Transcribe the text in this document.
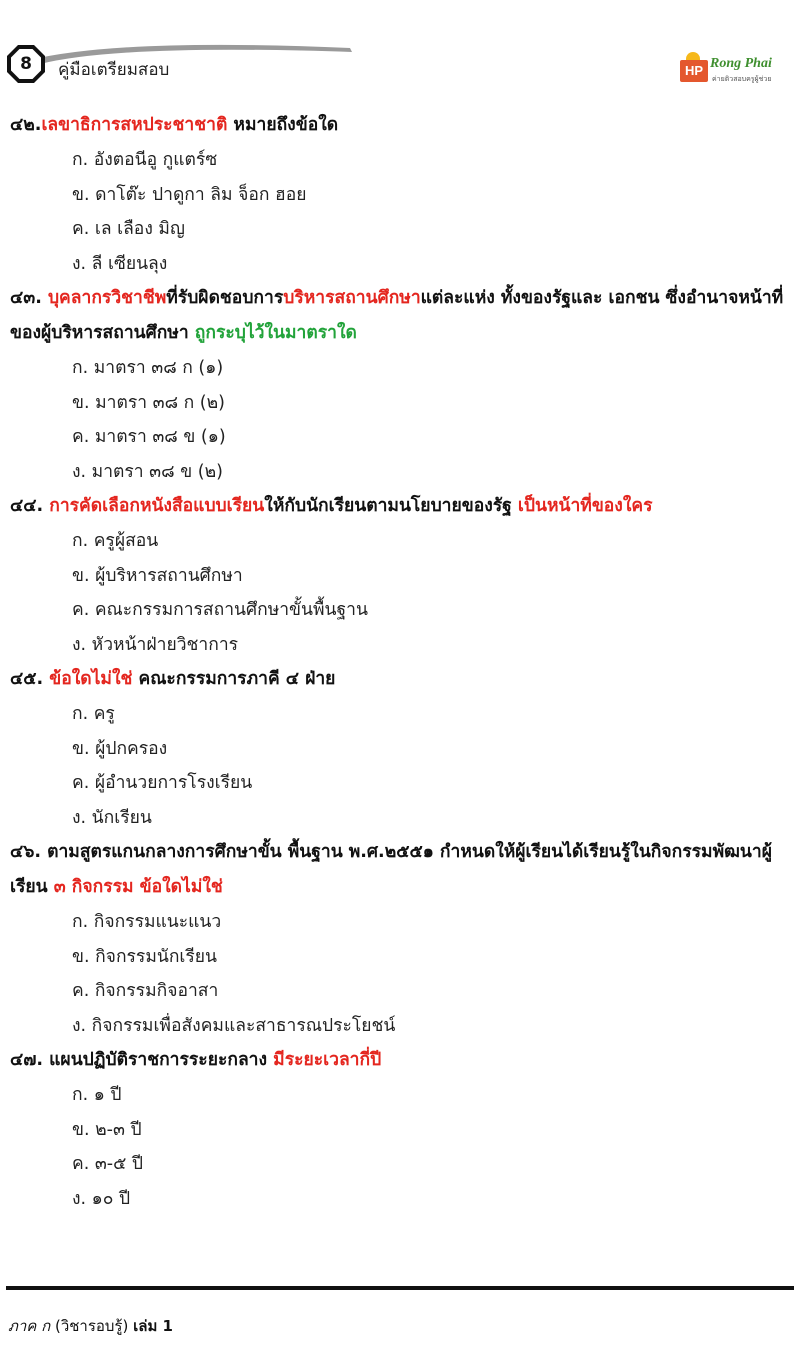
8	คู่มือเตรียมสอบ	HP Rong Phai
ค่ายติวสอบครูผู้ช่วย
๔๒.เลขาธิการสหประชาชาติ หมายถึงข้อใด
ก. อังตอนีอู กูแตร์ซ
ข. ดาโต๊ะ ปาดูกา ลิม จ็อก ฮอย
ค. เล เลือง มิญ
ง. ลี เซียนลุง
๔๓. บุคลากรวิชาชีพที่รับผิดชอบการบริหารสถานศึกษาแต่ละแห่ง ทั้งของรัฐและ เอกชน ซึ่งอำนาจหน้าที่ของผู้บริหารสถานศึกษา ถูกระบุไว้ในมาตราใด
ก. มาตรา ๓๘ ก (๑)
ข. มาตรา ๓๘ ก (๒)
ค. มาตรา ๓๘ ข (๑)
ง. มาตรา ๓๘ ข (๒)
๔๔. การคัดเลือกหนังสือแบบเรียนให้กับนักเรียนตามนโยบายของรัฐ เป็นหน้าที่ของใคร
ก. ครูผู้สอน
ข. ผู้บริหารสถานศึกษา
ค. คณะกรรมการสถานศึกษาขั้นพื้นฐาน
ง. หัวหน้าฝ่ายวิชาการ
๔๕. ข้อใดไม่ใช่ คณะกรรมการภาคี ๔ ฝ่าย
ก. ครู
ข. ผู้ปกครอง
ค. ผู้อำนวยการโรงเรียน
ง. นักเรียน
๔๖. ตามสูตรแกนกลางการศึกษาขั้น พื้นฐาน พ.ศ.๒๕๕๑ กำหนดให้ผู้เรียนได้เรียนรู้ในกิจกรรมพัฒนาผู้เรียน ๓ กิจกรรม ข้อใดไม่ใช่
ก. กิจกรรมแนะแนว
ข. กิจกรรมนักเรียน
ค. กิจกรรมกิจอาสา
ง. กิจกรรมเพื่อสังคมและสาธารณประโยชน์
๔๗. แผนปฏิบัติราชการระยะกลาง มีระยะเวลากี่ปี
ก. ๑ ปี
ข. ๒-๓ ปี
ค. ๓-๕ ปี
ง. ๑๐ ปี
ภาค ก (วิชารอบรู้) เล่ม 1
